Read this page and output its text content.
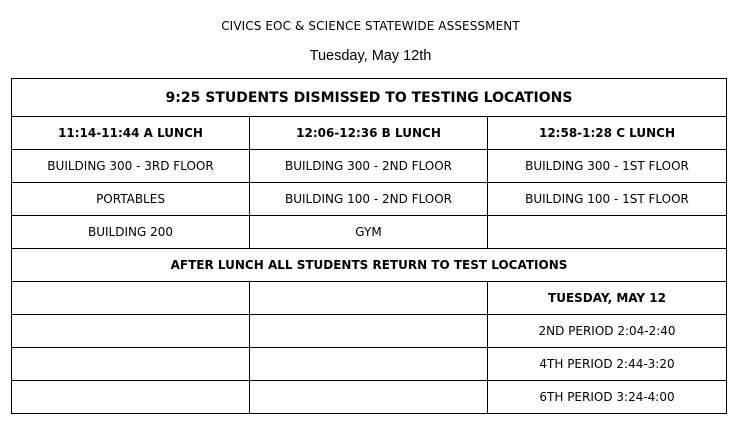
CIVICS EOC & SCIENCE STATEWIDE ASSESSMENT
Tuesday, May 12th
9:25 STUDENTS DISMISSED TO TESTING LOCATIONS		
11:14-11:44 A LUNCH	12:06-12:36 B LUNCH	12:58-1:28 C LUNCH
BUILDING 300 - 3RD FLOOR	BUILDING 300 - 2ND FLOOR	BUILDING 300 - 1ST FLOOR
PORTABLES	BUILDING 100 - 2ND FLOOR	BUILDING 100 - 1ST FLOOR
BUILDING 200	GYM	
AFTER LUNCH ALL STUDENTS RETURN TO TEST LOCATIONS		
		TUESDAY, MAY 12
		2ND PERIOD 2:04-2:40
		4TH PERIOD 2:44-3:20
		6TH PERIOD 3:24-4:00
